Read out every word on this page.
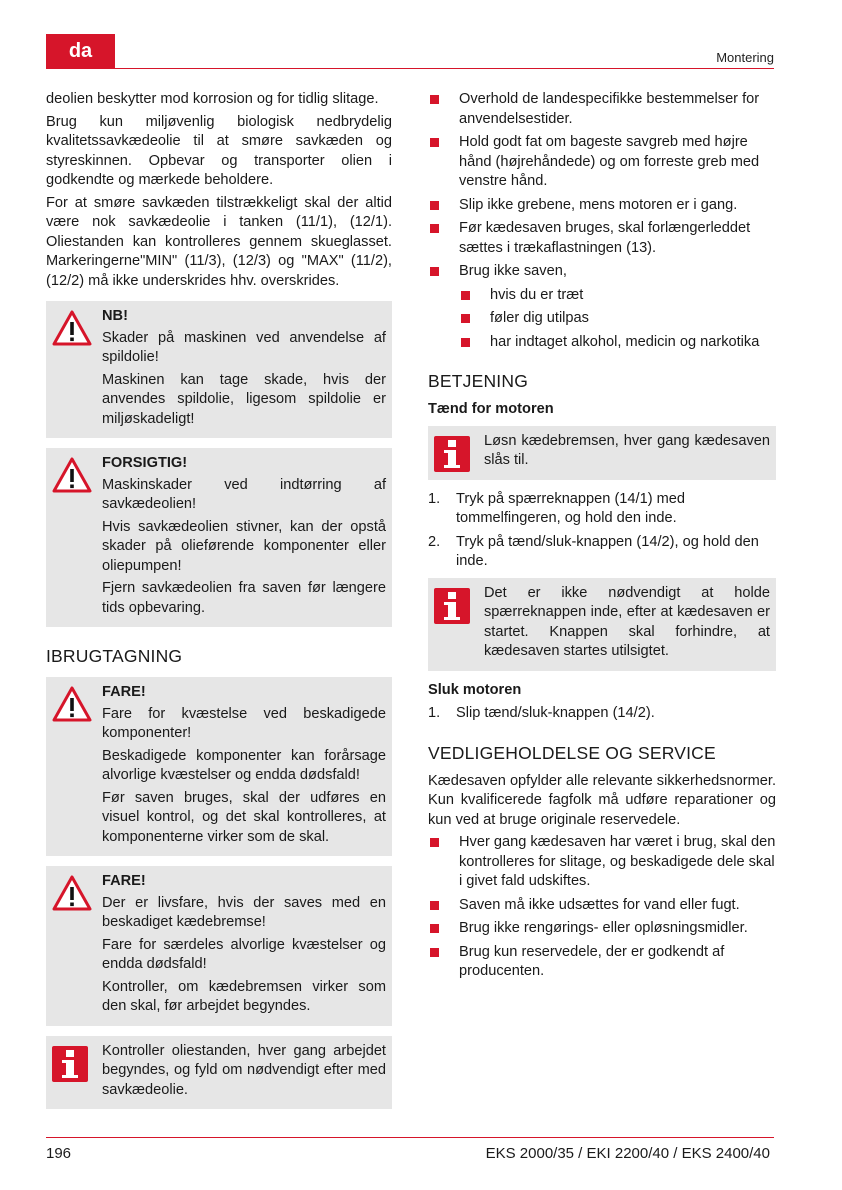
da	Montering

deolien beskytter mod korrosion og for tidlig slitage.

Brug kun miljøvenlig biologisk nedbrydelig kvalitetssavkædeolie til at smøre savkæden og styreskinnen. Opbevar og transporter olien i godkendte og mærkede beholdere.

For at smøre savkæden tilstrækkeligt skal der altid være nok savkædeolie i tanken (11/1), (12/1). Oliestanden kan kontrolleres gennem skueglasset. Markeringerne"MIN" (11/3), (12/3) og "MAX" (11/2), (12/2) må ikke underskrides hhv. overskrides.

NB!

Skader på maskinen ved anvendelse af spildolie!

Maskinen kan tage skade, hvis der anvendes spildolie, ligesom spildolie er miljøskadeligt!

FORSIGTIG!

Maskinskader ved indtørring af savkædeolien!

Hvis savkædeolien stivner, kan der opstå skader på olieførende komponenter eller oliepumpen!

Fjern savkædeolien fra saven før længere tids opbevaring.

IBRUGTAGNING
FARE!

Fare for kvæstelse ved beskadigede komponenter!

Beskadigede komponenter kan forårsage alvorlige kvæstelser og endda dødsfald!

Før saven bruges, skal der udføres en visuel kontrol, og det skal kontrolleres, at komponenterne virker som de skal.

FARE!

Der er livsfare, hvis der saves med en beskadiget kædebremse!

Fare for særdeles alvorlige kvæstelser og endda dødsfald!

Kontroller, om kædebremsen virker som den skal, før arbejdet begyndes.

Kontroller oliestanden, hver gang arbejdet begyndes, og fyld om nødvendigt efter med savkædeolie.

Overhold de landespecifikke bestemmelser for anvendelsestider.
Hold godt fat om bageste savgreb med højre hånd (højrehåndede) og om forreste greb med venstre hånd.
Slip ikke grebene, mens motoren er i gang.
Før kædesaven bruges, skal forlængerleddet sættes i trækaflastningen (13).
Brug ikke saven,
hvis du er træt
føler dig utilpas
har indtaget alkohol, medicin og narkotika
BETJENING
Tænd for motoren

Løsn kædebremsen, hver gang kædesaven slås til.

1. Tryk på spærreknappen (14/1) med tommelfingeren, og hold den inde.
2. Tryk på tænd/sluk-knappen (14/2), og hold den inde.

Det er ikke nødvendigt at holde spærreknappen inde, efter at kædesaven er startet. Knappen skal forhindre, at kædesaven startes utilsigtet.

Sluk motoren
1. Slip tænd/sluk-knappen (14/2).
VEDLIGEHOLDELSE OG SERVICE

Kædesaven opfylder alle relevante sikkerhedsnormer. Kun kvalificerede fagfolk må udføre reparationer og kun ved at bruge originale reservedele.

Hver gang kædesaven har været i brug, skal den kontrolleres for slitage, og beskadigede dele skal i givet fald udskiftes.
Saven må ikke udsættes for vand eller fugt.
Brug ikke rengørings- eller opløsningsmidler.
Brug kun reservedele, der er godkendt af producenten.
196	EKS 2000/35 / EKI 2200/40 / EKS 2400/40
